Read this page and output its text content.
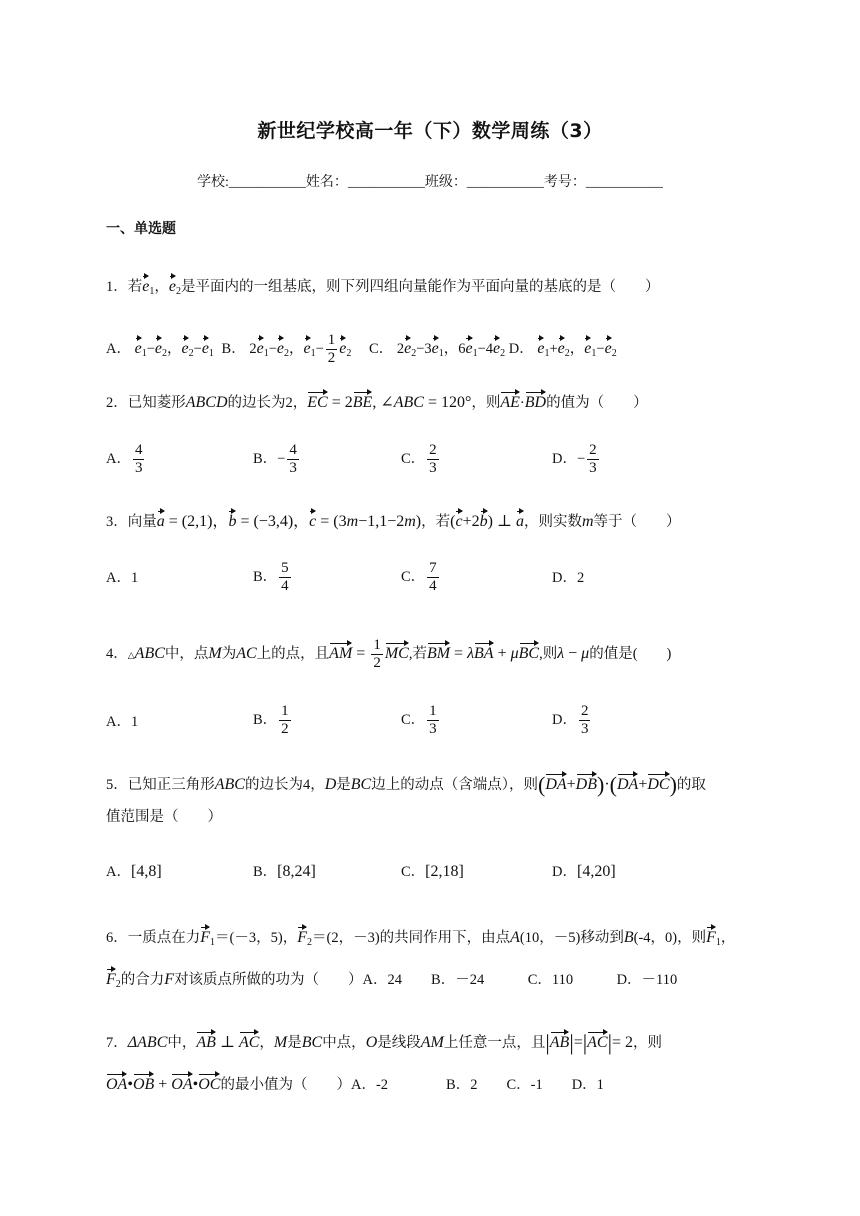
新世纪学校高一年（下）数学周练（3）
学校:___________姓名：___________班级：___________考号：___________
一、单选题
1．若$e_1$，$e_2$是平面内的一组基底，则下列四组向量能作为平面向量的基底的是（　　）
A． $e_1-e_2$，$e_2-e_1$ B． $2e_1-e_2$，$e_1- \frac{1}{2} e_2$ C． $2e_2-3e_1$，$6e_1-4e_2$ D． $e_1+e_2$，$e_1-e_2$
2．已知菱形ABCD的边长为2，EC = 2BE, ∠ABC = 120°，则AE·BD的值为（　　）
A． $\frac{4}{3}$	B．− $\frac{4}{3}$	C． $\frac{2}{3}$	D．− $\frac{2}{3}$
3．向量a = (2,1)，b = (−3,4)，c = (3m−1,1−2m)，若(c+2b) ⊥ a，则实数m等于（　　）
A．1	B． $\frac{5}{4}$	C． $\frac{7}{4}$	D．2
4．△ABC中，点M为AC上的点，且AM = $\frac{1}{2}$ MC,若BM = λBA + μBC,则λ − μ的值是(　　)
A．1	B． $\frac{1}{2}$	C． $\frac{1}{3}$	D． $\frac{2}{3}$
5．已知正三角形ABC的边长为4，D是BC边上的动点（含端点），则(DA+DB)·(DA+DC)的取
值范围是（　　）
A．[4,8]	B．[8,24]	C．[2,18]	D．[4,20]
6．一质点在力$F_1=(-3$，5)，$F_2=(2$，－3)的共同作用下，由点A(10，－5)移动到B(-4，0)，则$F_1$，
$F_2$的合力F对该质点所做的功为（　　）A．24　　B．－24　　　C．110　　　D．－110
7．ΔABC中，AB ⊥ AC，M是BC中点，O是线段AM上任意一点，且|AB|=|AC|= 2，则
OA•OB + OA•OC的最小值为（　　）A．-2　　　　B．2　　C．-1　　D．1
